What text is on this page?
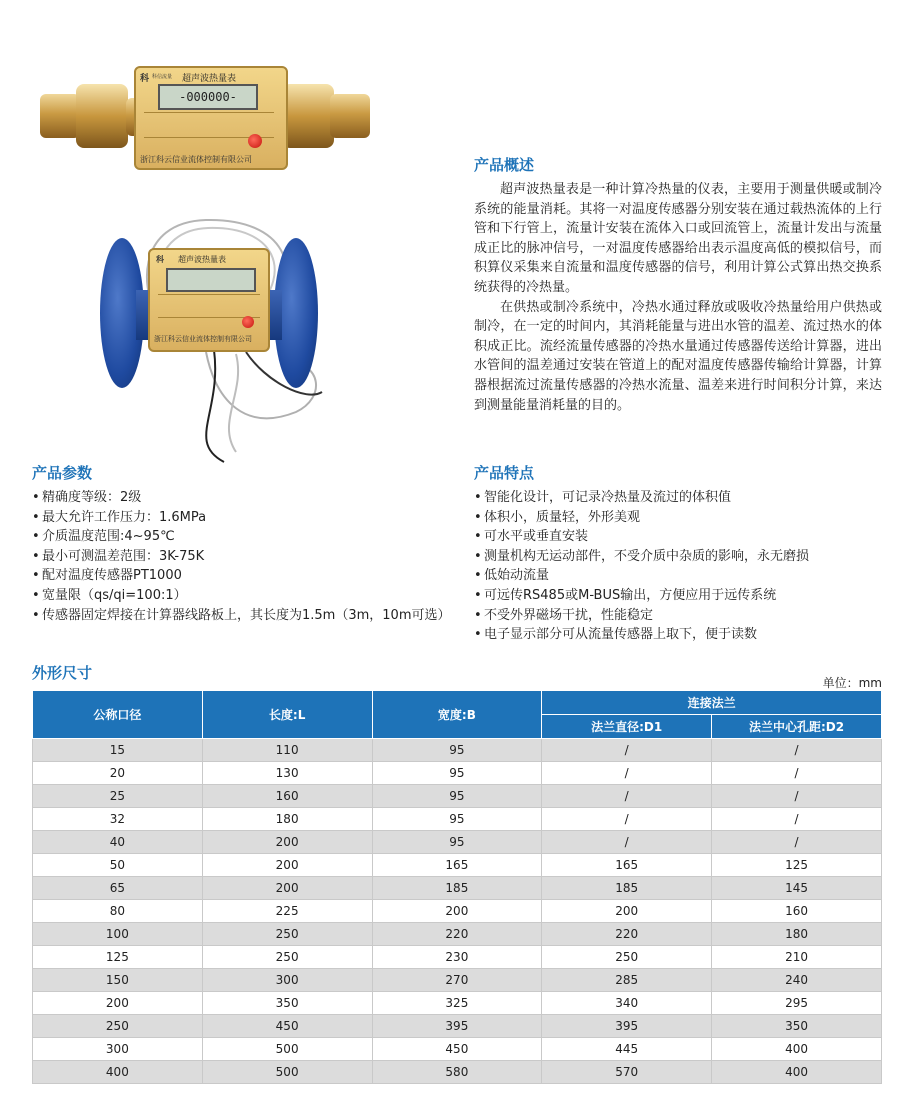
科 科信流量 超声波热量表
-000000-
浙江科云信业流体控制有限公司
科 超声波热量表
浙江科云信业流体控制有限公司
产品概述

超声波热量表是一种计算冷热量的仪表，主要用于测量供暖或制冷系统的能量消耗。其将一对温度传感器分别安装在通过载热流体的上行管和下行管上，流量计安装在流体入口或回流管上，流量计发出与流量成正比的脉冲信号，一对温度传感器给出表示温度高低的模拟信号，而积算仪采集来自流量和温度传感器的信号，利用计算公式算出热交换系统获得的冷热量。

在供热或制冷系统中，冷热水通过释放或吸收冷热量给用户供热或制冷，在一定的时间内，其消耗能量与进出水管的温差、流过热水的体积成正比。流经流量传感器的冷热水量通过传感器传送给计算器，进出水管间的温差通过安装在管道上的配对温度传感器传输给计算器，计算器根据流过流量传感器的冷热水流量、温差来进行时间积分计算，来达到测量能量消耗量的目的。

产品参数
• 精确度等级：2级
• 最大允许工作压力：1.6MPa
• 介质温度范围:4~95℃
• 最小可测温差范围：3K-75K
• 配对温度传感器PT1000
• 宽量限（qs/qi=100:1）
• 传感器固定焊接在计算器线路板上，其长度为1.5m（3m，10m可选）
产品特点
• 智能化设计，可记录冷热量及流过的体积值
• 体积小，质量轻，外形美观
• 可水平或垂直安装
• 测量机构无运动部件，不受介质中杂质的影响，永无磨损
• 低始动流量
• 可远传RS485或M-BUS输出，方便应用于远传系统
• 不受外界磁场干扰，性能稳定
• 电子显示部分可从流量传感器上取下，便于读数
外形尺寸
单位：mm
公称口径	长度:L	宽度:B	连接法兰	
			法兰直径:D1	法兰中心孔距:D2
15	110	95	/	/
20	130	95	/	/
25	160	95	/	/
32	180	95	/	/
40	200	95	/	/
50	200	165	165	125
65	200	185	185	145
80	225	200	200	160
100	250	220	220	180
125	250	230	250	210
150	300	270	285	240
200	350	325	340	295
250	450	395	395	350
300	500	450	445	400
400	500	580	570	400
